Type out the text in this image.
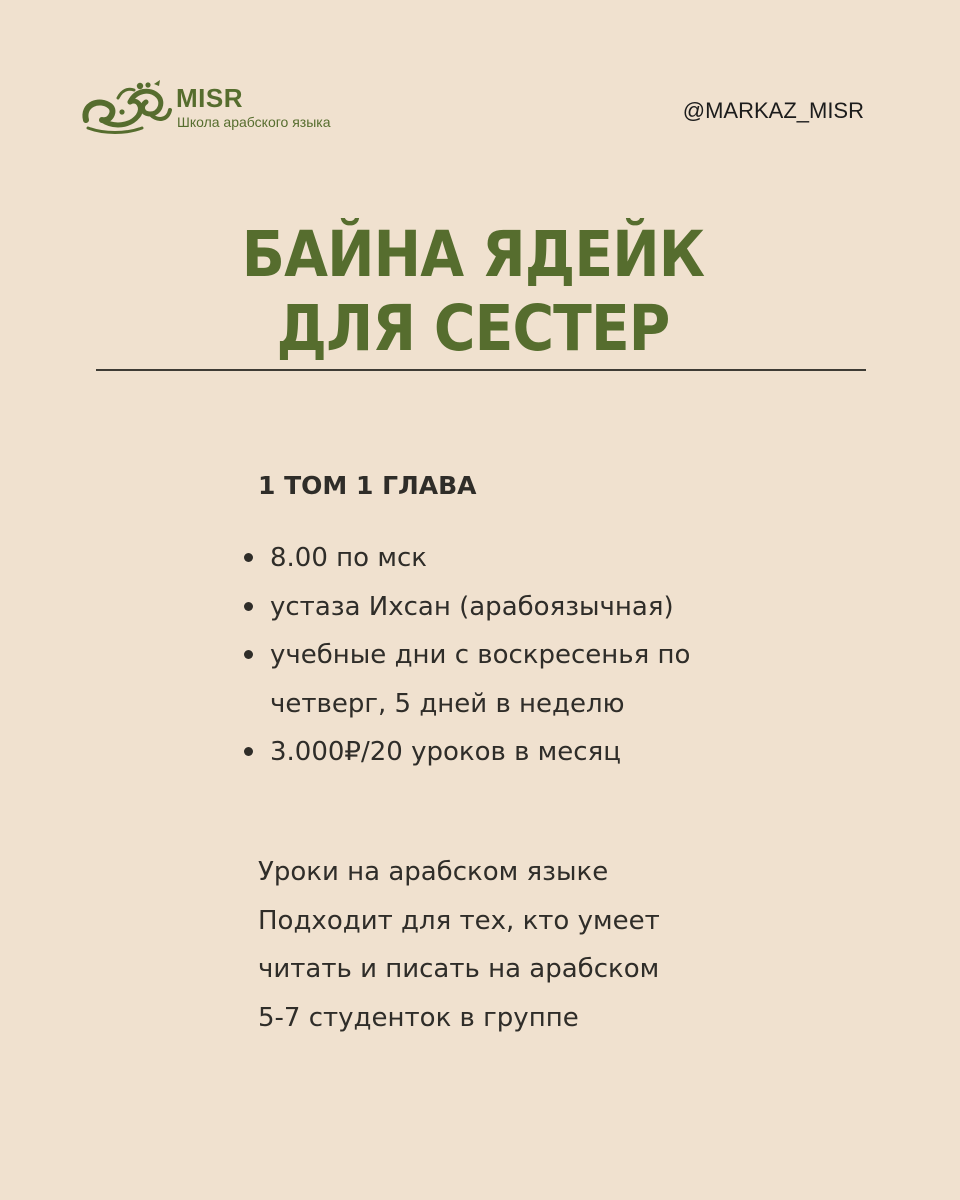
MISR
Школа арабского языка	@MARKAZ_MISR
БАЙНА ЯДЕЙК
ДЛЯ СЕСТЕР
1 ТОМ 1 ГЛАВА
8.00 по мск
устаза Ихсан (арабоязычная)
учебные дни с воскресенья по четверг, 5 дней в неделю
3.000₽/20 уроков в месяц
Уроки на арабском языке
Подходит для тех, кто умеет
читать и писать на арабском
5-7 студенток в группе
